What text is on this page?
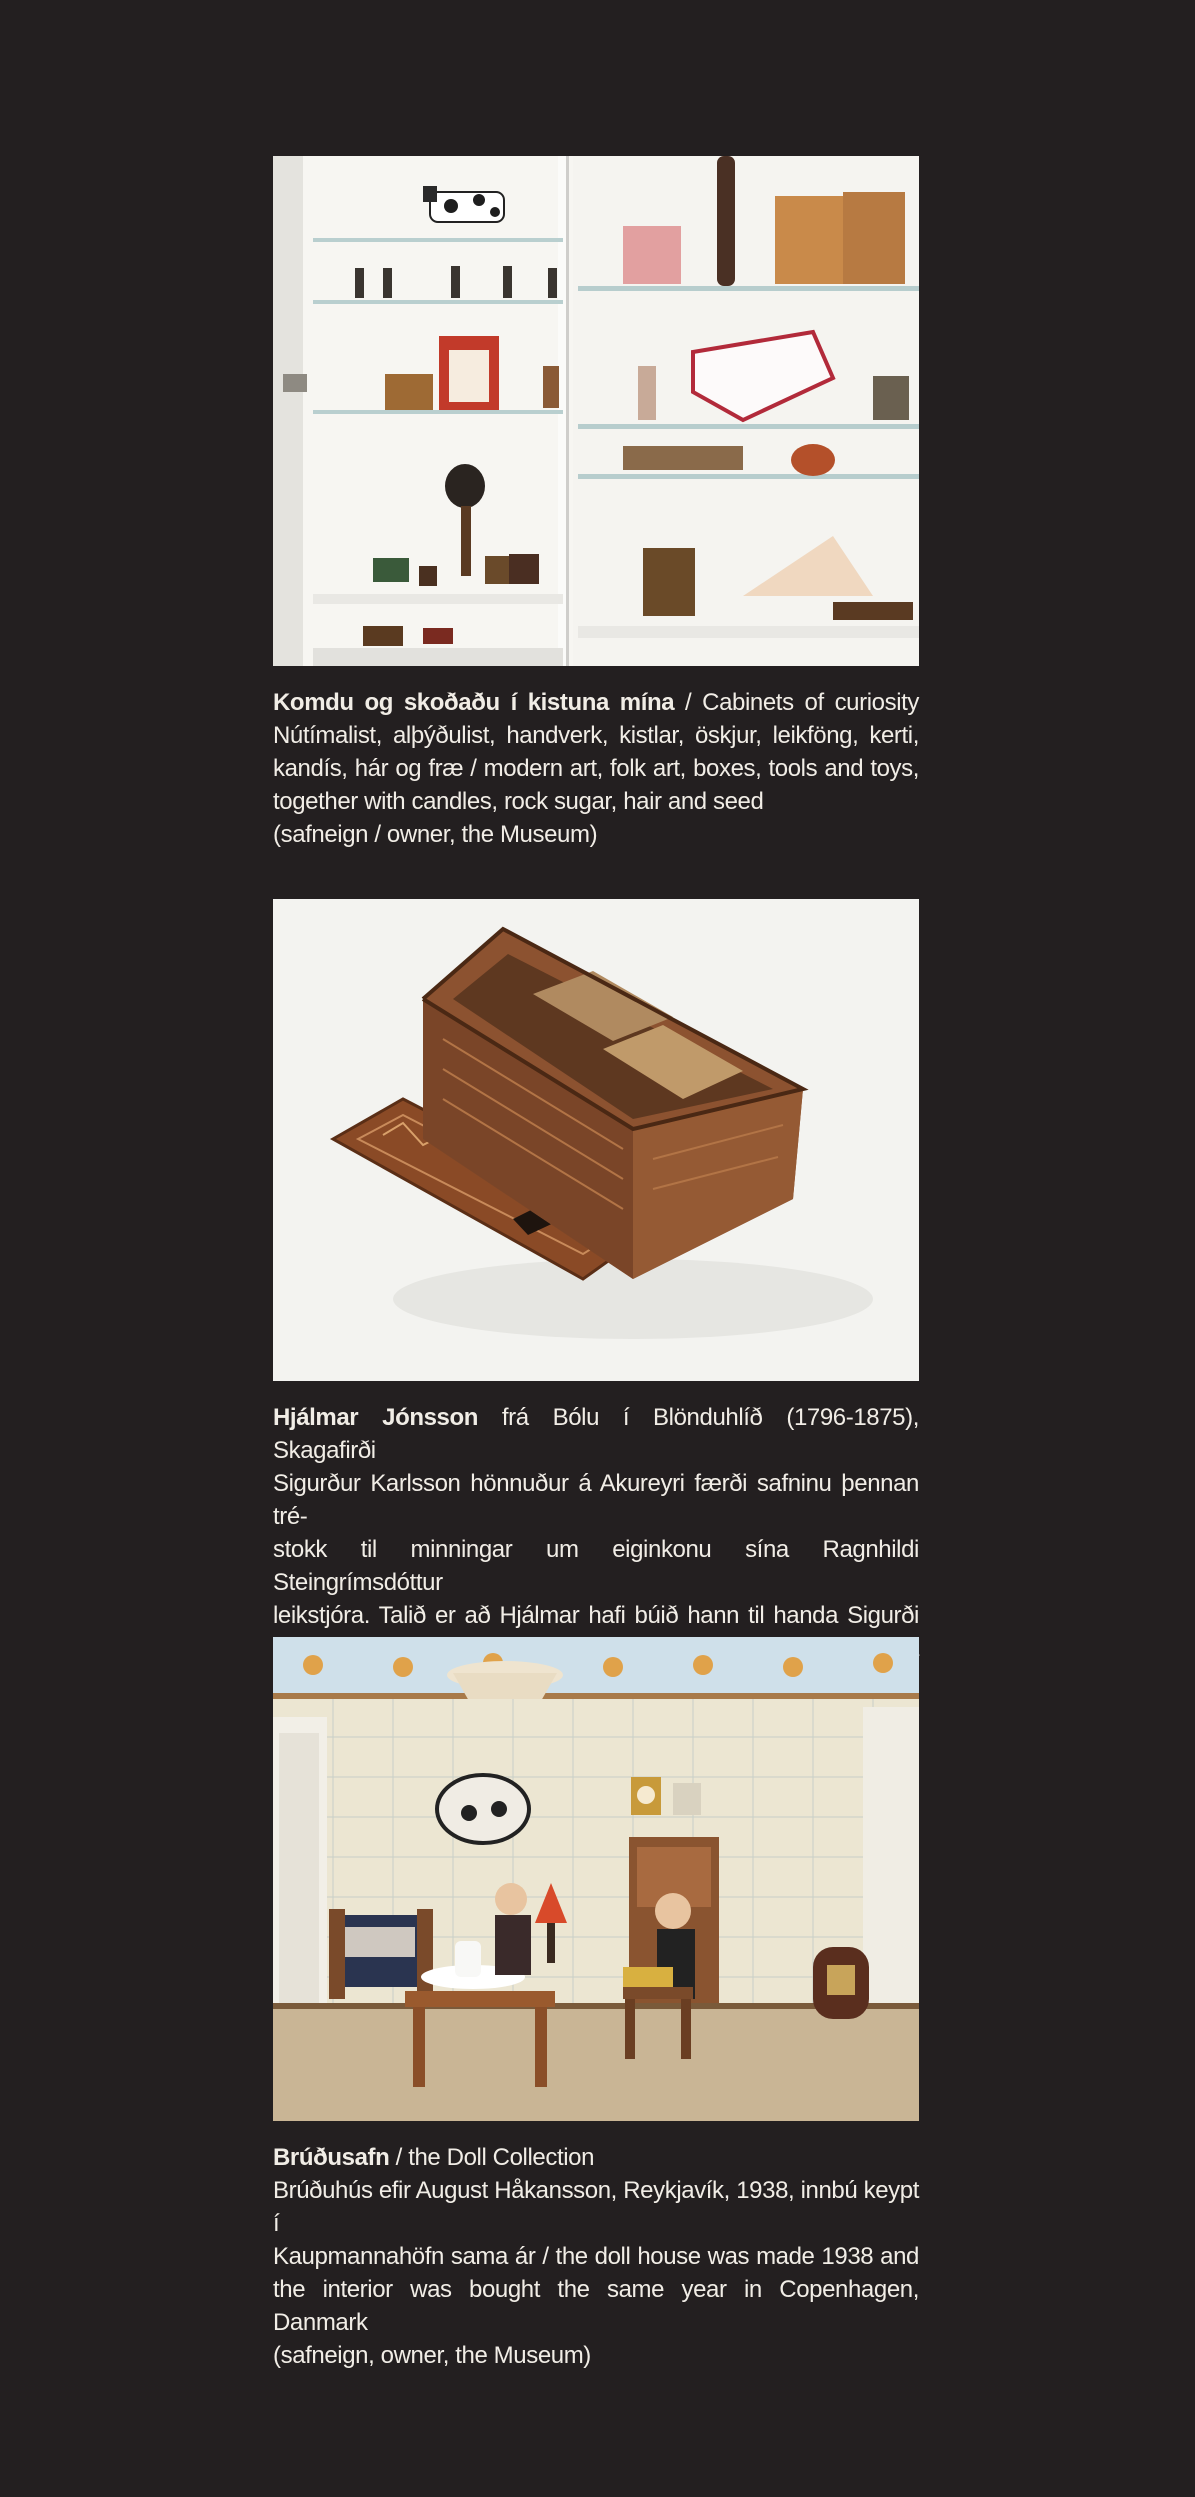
Komdu og skoðaðu í kistuna mína / Cabinets of curiosity
Nútímalist, alþýðulist, handverk, kistlar, öskjur, leikföng, kerti,
kandís, hár og fræ / modern art, folk art, boxes, tools and toys,
together with candles, rock sugar, hair and seed
(safneign / owner, the Museum)
Hjálmar Jónsson frá Bólu í Blönduhlíð (1796-1875), Skagafirði
Sigurður Karlsson hönnuður á Akureyri færði safninu þennan tré-
stokk til minningar um eiginkonu sína Ragnhildi Steingrímsdóttur
leikstjóra. Talið er að Hjálmar hafi búið hann til handa Sigurði
Brúðusafn / the Doll Collection
Brúðuhús efir August Håkansson, Reykjavík, 1938, innbú keypt í
Kaupmannahöfn sama ár / the doll house was made 1938 and
the interior was bought the same year in Copenhagen, Danmark
(safneign, owner, the Museum)
